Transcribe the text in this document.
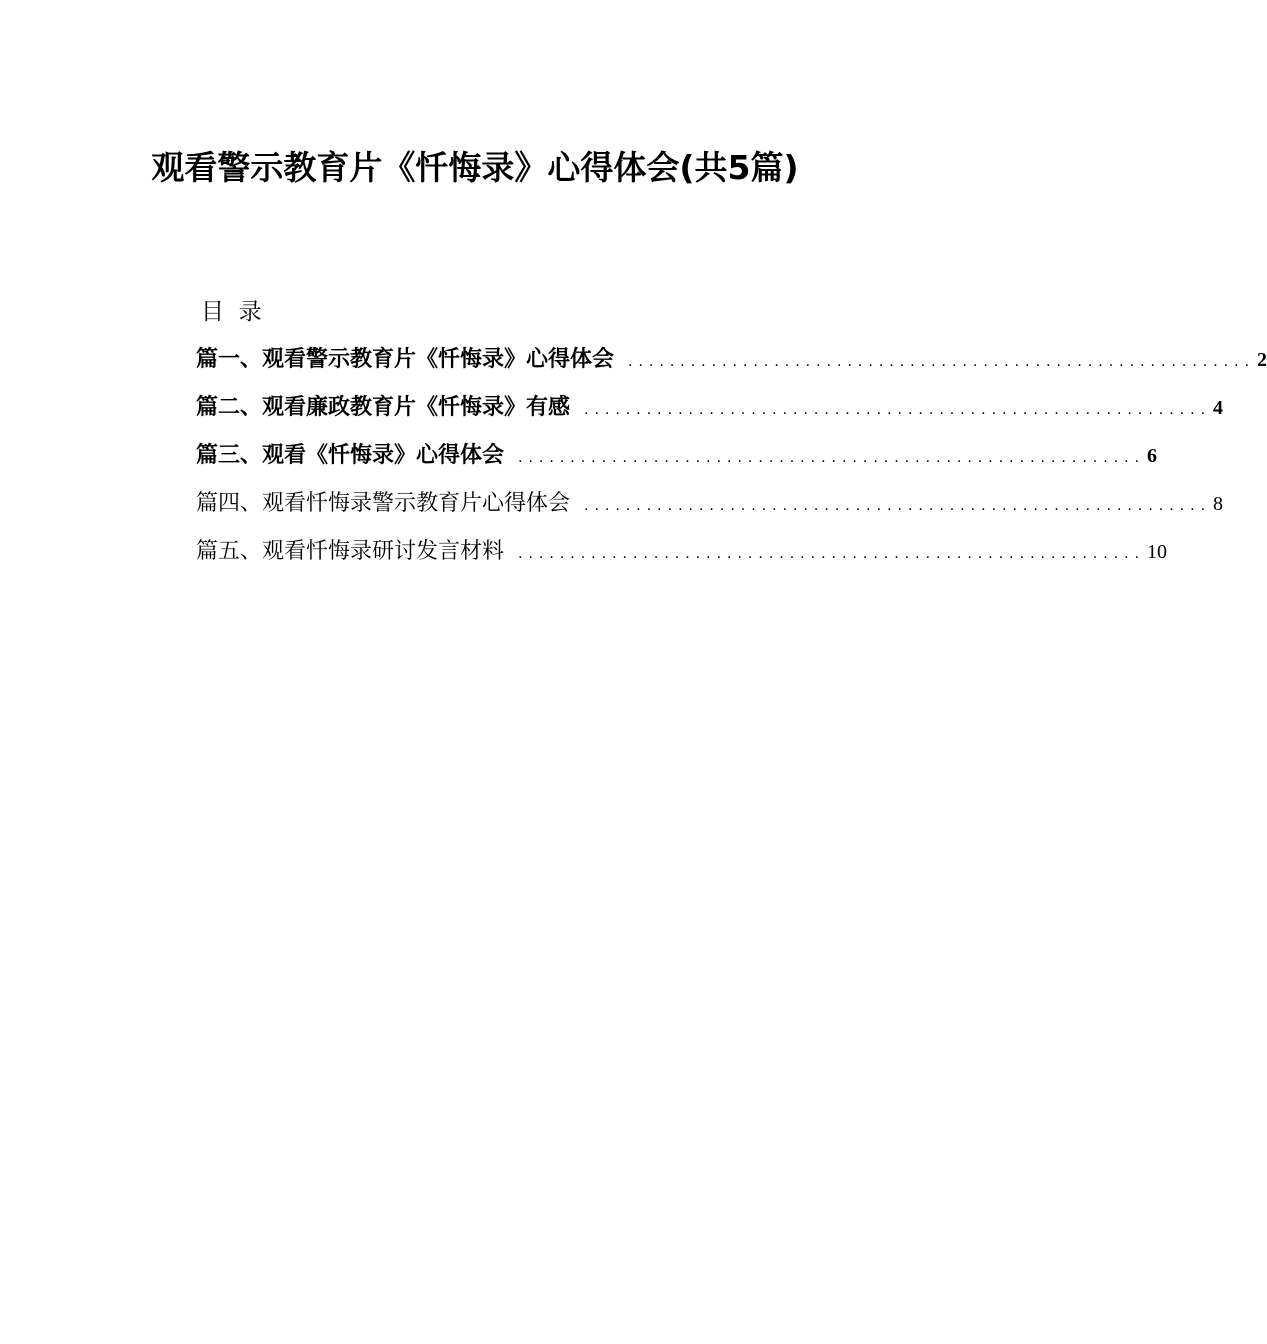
观看警示教育片《忏悔录》心得体会(共5篇)
目  录
篇一、观看警示教育片《忏悔录》心得体会	............................................................ 2
篇二、观看廉政教育片《忏悔录》有感	............................................................ 4
篇三、观看《忏悔录》心得体会	............................................................ 6
篇四、观看忏悔录警示教育片心得体会	............................................................ 8
篇五、观看忏悔录研讨发言材料	............................................................ 10
